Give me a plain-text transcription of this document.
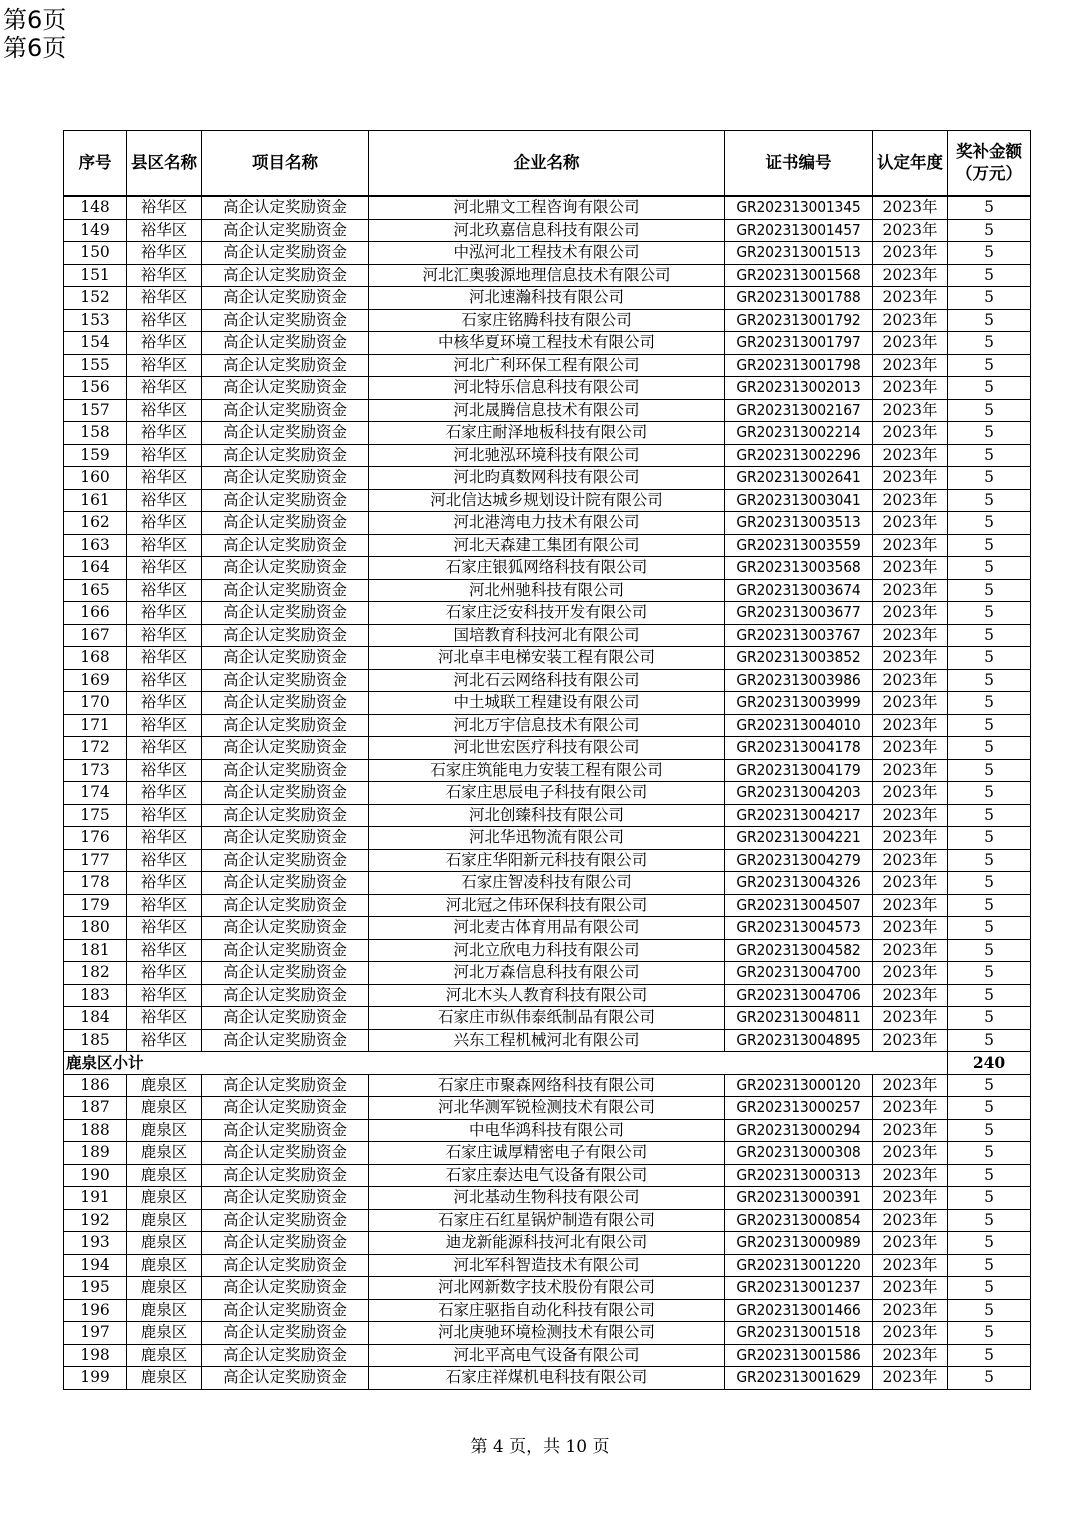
第6页
第6页
序号	县区名称	项目名称	企业名称	证书编号	认定年度	奖补金额（万元）
148	裕华区	高企认定奖励资金	河北鼎文工程咨询有限公司	GR202313001345	2023年	5
149	裕华区	高企认定奖励资金	河北玖嘉信息科技有限公司	GR202313001457	2023年	5
150	裕华区	高企认定奖励资金	中泓河北工程技术有限公司	GR202313001513	2023年	5
151	裕华区	高企认定奖励资金	河北汇奥骏源地理信息技术有限公司	GR202313001568	2023年	5
152	裕华区	高企认定奖励资金	河北速瀚科技有限公司	GR202313001788	2023年	5
153	裕华区	高企认定奖励资金	石家庄铭腾科技有限公司	GR202313001792	2023年	5
154	裕华区	高企认定奖励资金	中核华夏环境工程技术有限公司	GR202313001797	2023年	5
155	裕华区	高企认定奖励资金	河北广利环保工程有限公司	GR202313001798	2023年	5
156	裕华区	高企认定奖励资金	河北特乐信息科技有限公司	GR202313002013	2023年	5
157	裕华区	高企认定奖励资金	河北晟腾信息技术有限公司	GR202313002167	2023年	5
158	裕华区	高企认定奖励资金	石家庄耐泽地板科技有限公司	GR202313002214	2023年	5
159	裕华区	高企认定奖励资金	河北驰泓环境科技有限公司	GR202313002296	2023年	5
160	裕华区	高企认定奖励资金	河北昀真数网科技有限公司	GR202313002641	2023年	5
161	裕华区	高企认定奖励资金	河北信达城乡规划设计院有限公司	GR202313003041	2023年	5
162	裕华区	高企认定奖励资金	河北港湾电力技术有限公司	GR202313003513	2023年	5
163	裕华区	高企认定奖励资金	河北天森建工集团有限公司	GR202313003559	2023年	5
164	裕华区	高企认定奖励资金	石家庄银狐网络科技有限公司	GR202313003568	2023年	5
165	裕华区	高企认定奖励资金	河北州驰科技有限公司	GR202313003674	2023年	5
166	裕华区	高企认定奖励资金	石家庄泛安科技开发有限公司	GR202313003677	2023年	5
167	裕华区	高企认定奖励资金	国培教育科技河北有限公司	GR202313003767	2023年	5
168	裕华区	高企认定奖励资金	河北卓丰电梯安装工程有限公司	GR202313003852	2023年	5
169	裕华区	高企认定奖励资金	河北石云网络科技有限公司	GR202313003986	2023年	5
170	裕华区	高企认定奖励资金	中土城联工程建设有限公司	GR202313003999	2023年	5
171	裕华区	高企认定奖励资金	河北万宇信息技术有限公司	GR202313004010	2023年	5
172	裕华区	高企认定奖励资金	河北世宏医疗科技有限公司	GR202313004178	2023年	5
173	裕华区	高企认定奖励资金	石家庄筑能电力安装工程有限公司	GR202313004179	2023年	5
174	裕华区	高企认定奖励资金	石家庄思辰电子科技有限公司	GR202313004203	2023年	5
175	裕华区	高企认定奖励资金	河北创臻科技有限公司	GR202313004217	2023年	5
176	裕华区	高企认定奖励资金	河北华迅物流有限公司	GR202313004221	2023年	5
177	裕华区	高企认定奖励资金	石家庄华阳新元科技有限公司	GR202313004279	2023年	5
178	裕华区	高企认定奖励资金	石家庄智凌科技有限公司	GR202313004326	2023年	5
179	裕华区	高企认定奖励资金	河北冠之伟环保科技有限公司	GR202313004507	2023年	5
180	裕华区	高企认定奖励资金	河北麦古体育用品有限公司	GR202313004573	2023年	5
181	裕华区	高企认定奖励资金	河北立欣电力科技有限公司	GR202313004582	2023年	5
182	裕华区	高企认定奖励资金	河北万森信息科技有限公司	GR202313004700	2023年	5
183	裕华区	高企认定奖励资金	河北木头人教育科技有限公司	GR202313004706	2023年	5
184	裕华区	高企认定奖励资金	石家庄市纵伟泰纸制品有限公司	GR202313004811	2023年	5
185	裕华区	高企认定奖励资金	兴东工程机械河北有限公司	GR202313004895	2023年	5
鹿泉区小计						240
186	鹿泉区	高企认定奖励资金	石家庄市聚森网络科技有限公司	GR202313000120	2023年	5
187	鹿泉区	高企认定奖励资金	河北华测军锐检测技术有限公司	GR202313000257	2023年	5
188	鹿泉区	高企认定奖励资金	中电华鸿科技有限公司	GR202313000294	2023年	5
189	鹿泉区	高企认定奖励资金	石家庄诚厚精密电子有限公司	GR202313000308	2023年	5
190	鹿泉区	高企认定奖励资金	石家庄泰达电气设备有限公司	GR202313000313	2023年	5
191	鹿泉区	高企认定奖励资金	河北基动生物科技有限公司	GR202313000391	2023年	5
192	鹿泉区	高企认定奖励资金	石家庄石红星锅炉制造有限公司	GR202313000854	2023年	5
193	鹿泉区	高企认定奖励资金	迪龙新能源科技河北有限公司	GR202313000989	2023年	5
194	鹿泉区	高企认定奖励资金	河北军科智造技术有限公司	GR202313001220	2023年	5
195	鹿泉区	高企认定奖励资金	河北网新数字技术股份有限公司	GR202313001237	2023年	5
196	鹿泉区	高企认定奖励资金	石家庄驱指自动化科技有限公司	GR202313001466	2023年	5
197	鹿泉区	高企认定奖励资金	河北庚驰环境检测技术有限公司	GR202313001518	2023年	5
198	鹿泉区	高企认定奖励资金	河北平高电气设备有限公司	GR202313001586	2023年	5
199	鹿泉区	高企认定奖励资金	石家庄祥煤机电科技有限公司	GR202313001629	2023年	5
第 4 页，共 10 页
